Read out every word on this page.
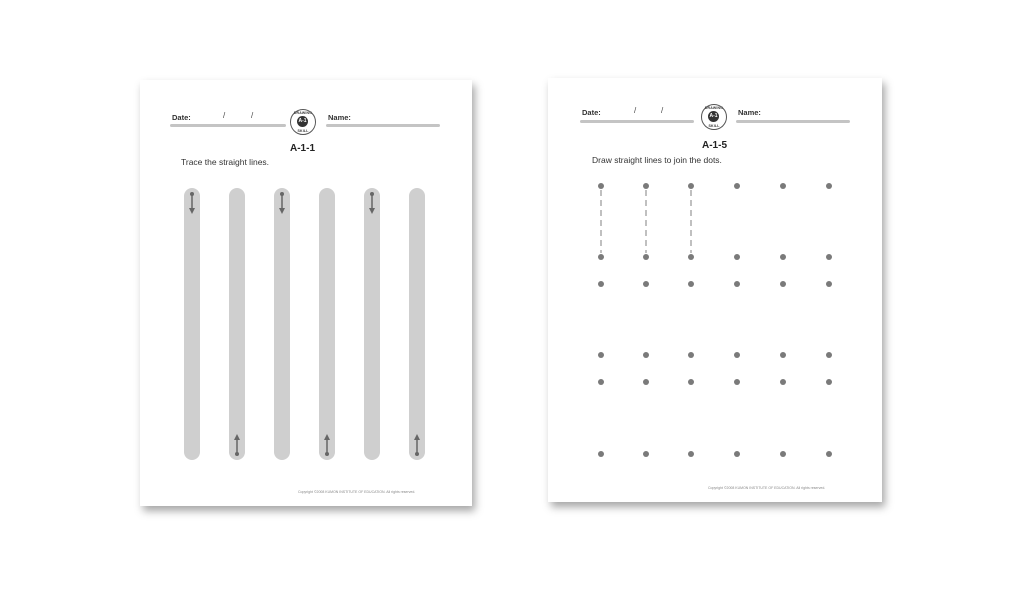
Date:	/	/	DRAWING
A-1
SKILL
Name:
A-1-1
Trace the straight lines.
Copyright ©2008 KUMON INSTITUTE OF EDUCATION. All rights reserved.
Date:	/	/	DRAWING
A-1
SKILL
Name:
A-1-5
Draw straight lines to join the dots.
Copyright ©2008 KUMON INSTITUTE OF EDUCATION. All rights reserved.
